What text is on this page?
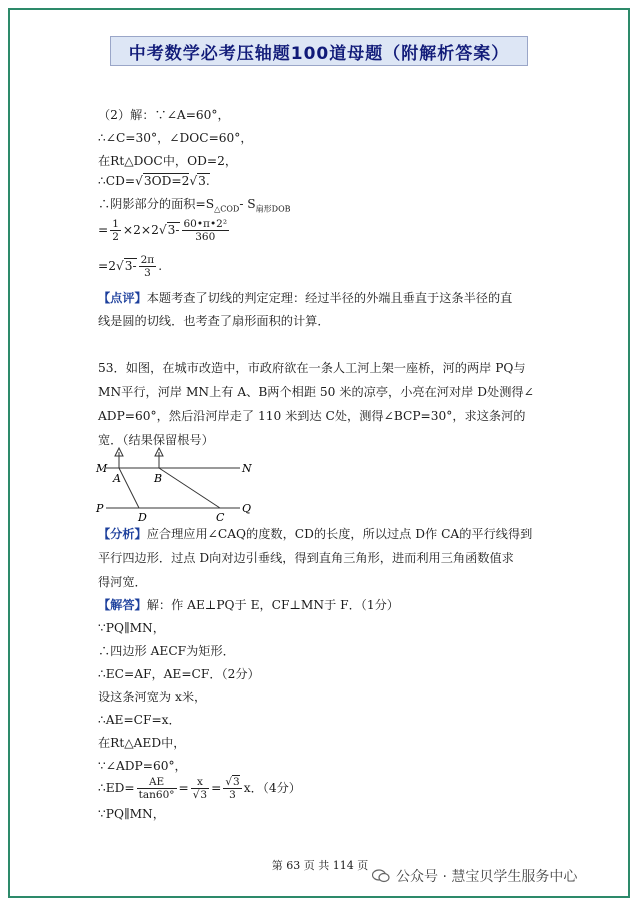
中考数学必考压轴题100道母题（附解析答案）
（2）解：∵∠A=60°，
∴∠C=30°，∠DOC=60°，
在Rt△DOC中，OD=2，
∴CD=√3OD=2√3.
∴阴影部分的面积$=S_{\triangle COD}-$ $S_{扇形DOB}$
= $\frac{1}{2} \times 2\times 2√3- \frac{\text{60•π•2²}}{360}$
$=2√3- \frac{2\pi}{3}$ .
【点评】本题考查了切线的判定定理：经过半径的外端且垂直于这条半径的直
线是圆的切线．也考查了扇形面积的计算．
53．如图，在城市改造中，市政府欲在一条人工河上架一座桥，河的两岸 PQ与
MN平行，河岸 MN上有 A、B两个相距 50 米的凉亭，小亮在河对岸 D处测得∠
ADP=60°，然后沿河岸走了 110 米到达 C处，测得∠BCP=30°，求这条河的
宽．（结果保留根号）
M	N
A	B
P	Q
D	C
【分析】应合理应用∠CAQ的度数，CD的长度，所以过点 D作 CA的平行线得到
平行四边形．过点 D向对边引垂线，得到直角三角形，进而利用三角函数值求
得河宽．
【解答】解：作 AE⊥PQ于 E，CF⊥MN于 F．（1分）
∵PQ∥MN，
∴四边形 AECF为矩形．
∴EC=AF，AE=CF．（2分）
设这条河宽为 x米，
∴AE=CF=x．
在Rt△AED中，
∵∠ADP=60°，
∴ED= $\frac{AE}{\tan 60^\circ} = \frac{x}{√3} = \frac{√3}{3}$ x．（4分）
∵PQ∥MN，
第 63 页 共 114 页
公众号 · 慧宝贝学生服务中心
